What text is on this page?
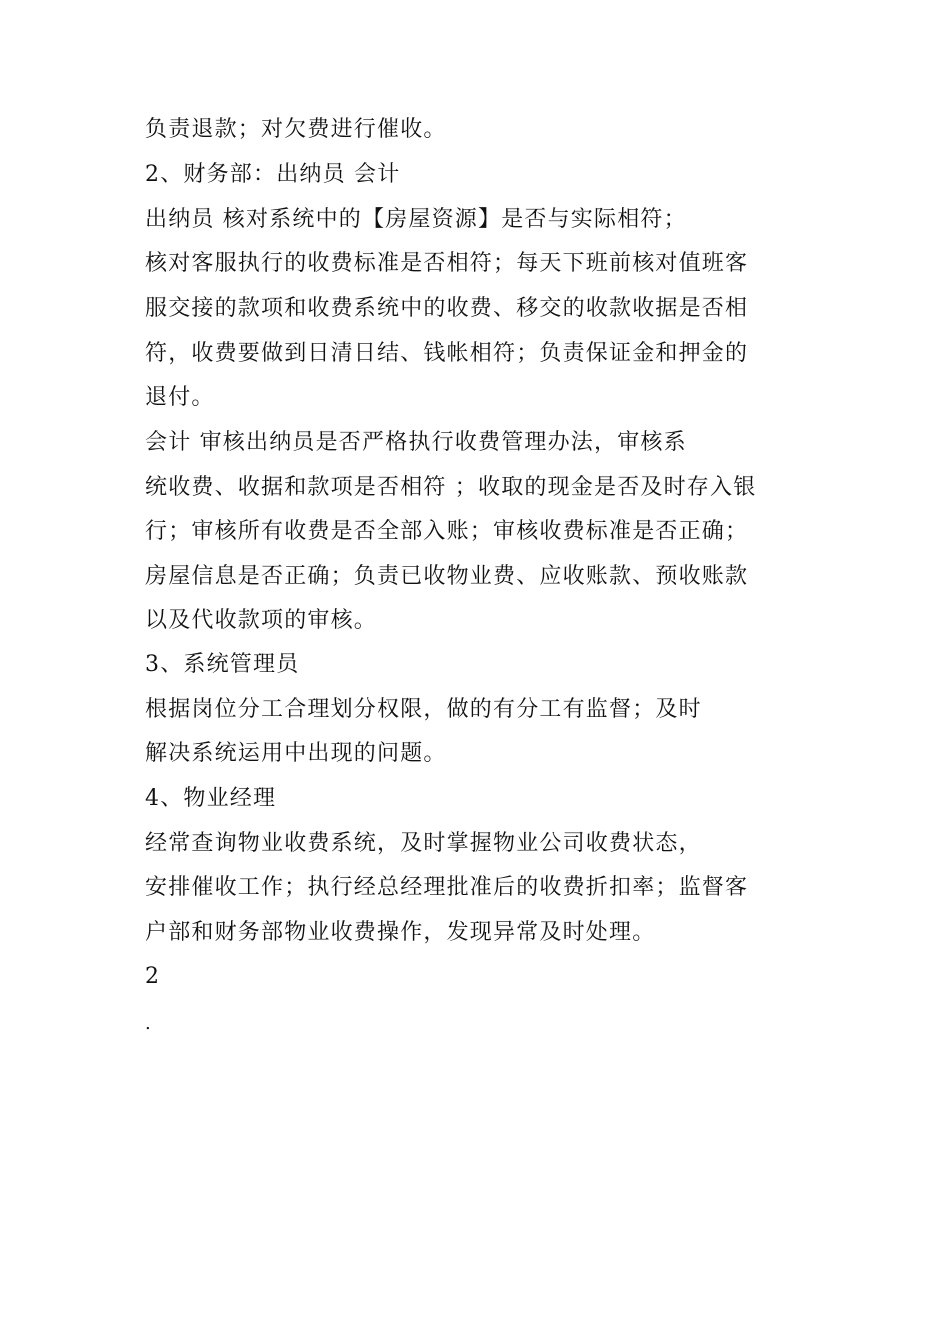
负责退款；对欠费进行催收。
2、财务部：出纳员 会计
出纳员 核对系统中的【房屋资源】是否与实际相符；
核对客服执行的收费标准是否相符；每天下班前核对值班客
服交接的款项和收费系统中的收费、移交的收款收据是否相
符，收费要做到日清日结、钱帐相符；负责保证金和押金的
退付。
会计 审核出纳员是否严格执行收费管理办法，审核系
统收费、收据和款项是否相符 ；收取的现金是否及时存入银
行；审核所有收费是否全部入账；审核收费标准是否正确；
房屋信息是否正确；负责已收物业费、应收账款、预收账款
以及代收款项的审核。
3、系统管理员
根据岗位分工合理划分权限，做的有分工有监督；及时
解决系统运用中出现的问题。
4、物业经理
经常查询物业收费系统，及时掌握物业公司收费状态，
安排催收工作；执行经总经理批准后的收费折扣率；监督客
户部和财务部物业收费操作，发现异常及时处理。
2
.
